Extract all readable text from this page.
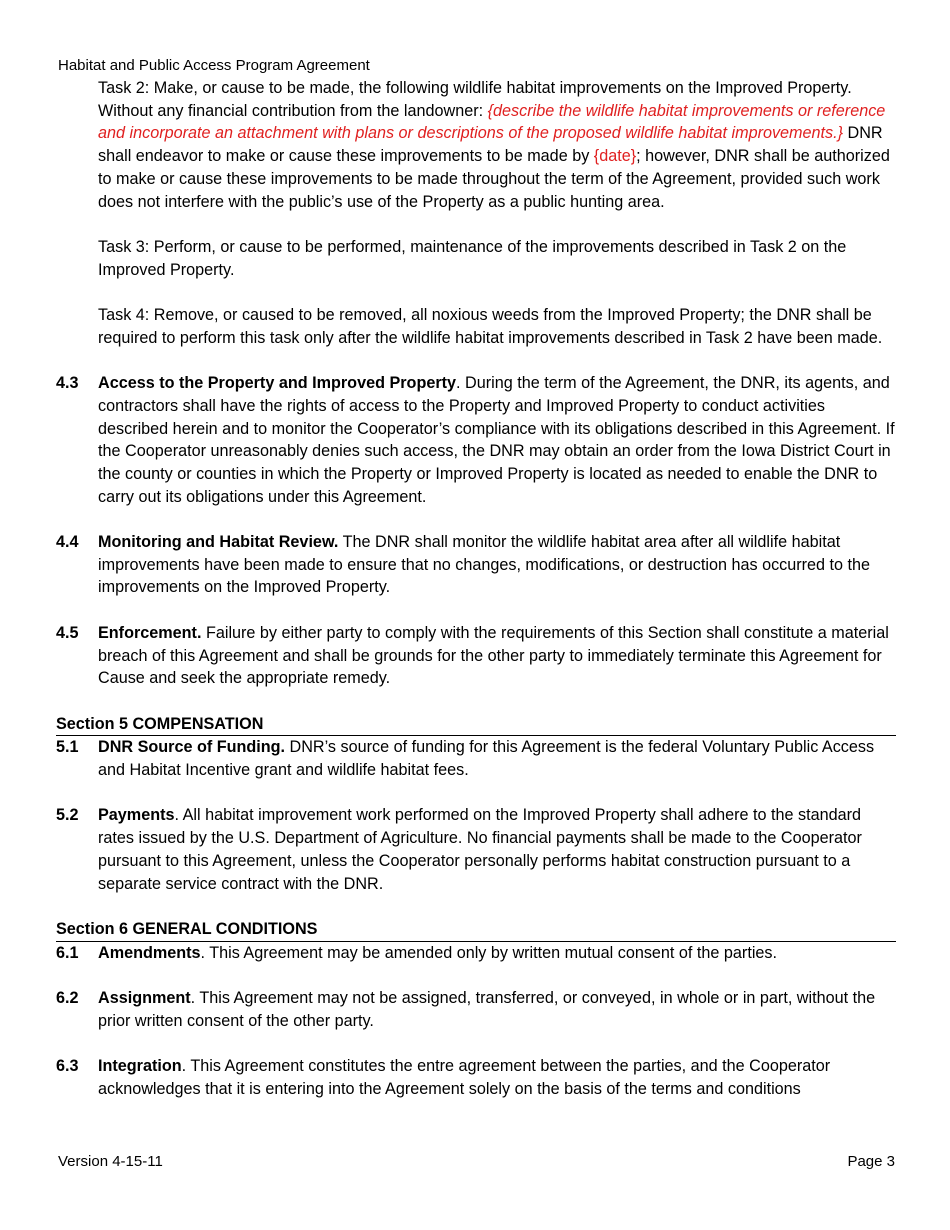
Habitat and Public Access Program Agreement
Task 2: Make, or cause to be made, the following wildlife habitat improvements on the Improved Property. Without any financial contribution from the landowner: {describe the wildlife habitat improvements or reference and incorporate an attachment with plans or descriptions of the proposed wildlife habitat improvements.} DNR shall endeavor to make or cause these improvements to be made by {date}; however, DNR shall be authorized to make or cause these improvements to be made throughout the term of the Agreement, provided such work does not interfere with the public’s use of the Property as a public hunting area.
Task 3: Perform, or cause to be performed, maintenance of the improvements described in Task 2 on the Improved Property.
Task 4: Remove, or caused to be removed, all noxious weeds from the Improved Property; the DNR shall be required to perform this task only after the wildlife habitat improvements described in Task 2 have been made.
4.3	Access to the Property and Improved Property. During the term of the Agreement, the DNR, its agents, and contractors shall have the rights of access to the Property and Improved Property to conduct activities described herein and to monitor the Cooperator’s compliance with its obligations described in this Agreement. If the Cooperator unreasonably denies such access, the DNR may obtain an order from the Iowa District Court in the county or counties in which the Property or Improved Property is located as needed to enable the DNR to carry out its obligations under this Agreement.
4.4	Monitoring and Habitat Review. The DNR shall monitor the wildlife habitat area after all wildlife habitat improvements have been made to ensure that no changes, modifications, or destruction has occurred to the improvements on the Improved Property.
4.5	Enforcement. Failure by either party to comply with the requirements of this Section shall constitute a material breach of this Agreement and shall be grounds for the other party to immediately terminate this Agreement for Cause and seek the appropriate remedy.
Section 5 COMPENSATION
5.1	DNR Source of Funding. DNR’s source of funding for this Agreement is the federal Voluntary Public Access and Habitat Incentive grant and wildlife habitat fees.
5.2	Payments. All habitat improvement work performed on the Improved Property shall adhere to the standard rates issued by the U.S. Department of Agriculture. No financial payments shall be made to the Cooperator pursuant to this Agreement, unless the Cooperator personally performs habitat construction pursuant to a separate service contract with the DNR.
Section 6 GENERAL CONDITIONS
6.1	Amendments. This Agreement may be amended only by written mutual consent of the parties.
6.2	Assignment. This Agreement may not be assigned, transferred, or conveyed, in whole or in part, without the prior written consent of the other party.
6.3	Integration. This Agreement constitutes the entre agreement between the parties, and the Cooperator acknowledges that it is entering into the Agreement solely on the basis of the terms and conditions
Version 4-15-11	Page 3
